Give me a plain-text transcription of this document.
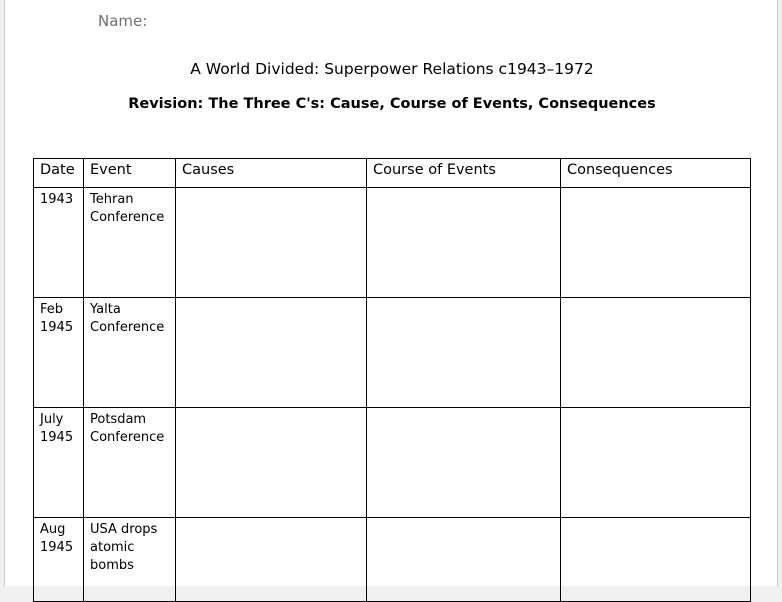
Name:
A World Divided: Superpower Relations c1943–1972
Revision: The Three C's: Cause, Course of Events, Consequences
Date	Event	Causes	Course of Events	Consequences
1943	Tehran Conference			
Feb 1945	Yalta Conference			
July 1945	Potsdam Conference			
Aug 1945	USA drops atomic bombs			
